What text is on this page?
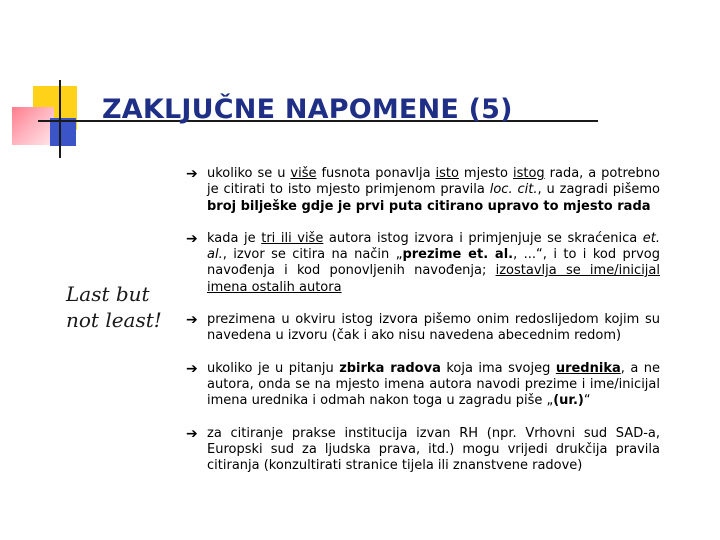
ZAKLJUČNE NAPOMENE (5)
Last but
not least!
➔ ukoliko se u više fusnota ponavlja isto mjesto istog rada, a potrebno je citirati to isto mjesto primjenom pravila loc. cit., u zagradi pišemo broj bilješke gdje je prvi puta citirano upravo to mjesto rada
➔ kada je tri ili više autora istog izvora i primjenjuje se skraćenica et. al., izvor se citira na način „prezime et. al., ...“, i to i kod prvog navođenja i kod ponovljenih navođenja; izostavlja se ime/inicijal imena ostalih autora
➔ prezimena u okviru istog izvora pišemo onim redoslijedom kojim su navedena u izvoru (čak i ako nisu navedena abecednim redom)
➔ ukoliko je u pitanju zbirka radova koja ima svojeg urednika, a ne autora, onda se na mjesto imena autora navodi prezime i ime/inicijal imena urednika i odmah nakon toga u zagradu piše „(ur.)“
➔ za citiranje prakse institucija izvan RH (npr. Vrhovni sud SAD-a, Europski sud za ljudska prava, itd.) mogu vrijedi drukčija pravila citiranja (konzultirati stranice tijela ili znanstvene radove)
